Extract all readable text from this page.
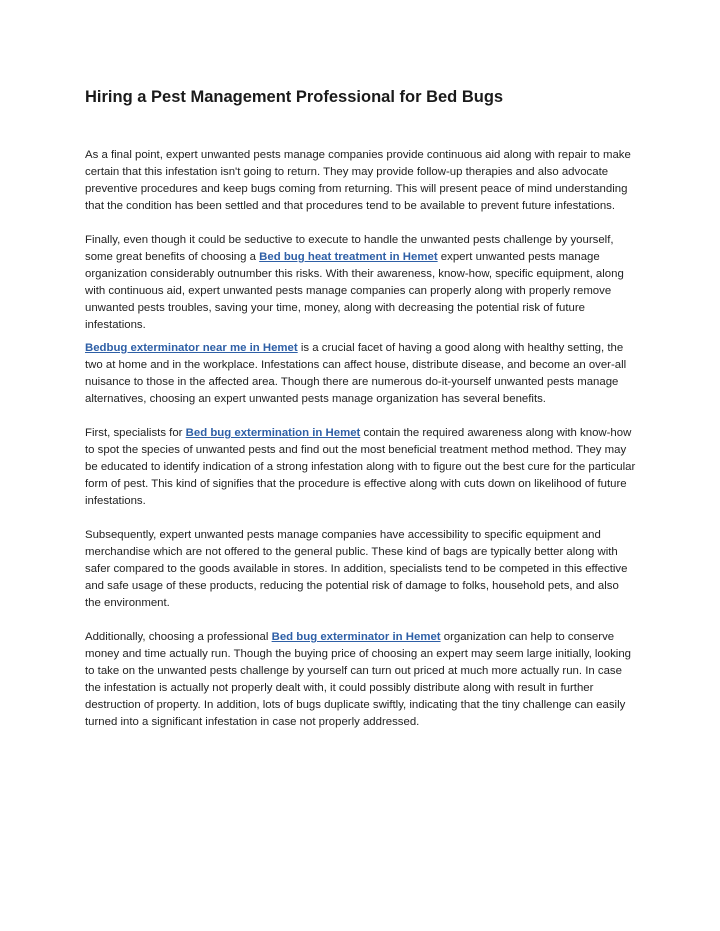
Hiring a Pest Management Professional for Bed Bugs

As a final point, expert unwanted pests manage companies provide continuous aid along with repair to make certain that this infestation isn't going to return. They may provide follow-up therapies and also advocate preventive procedures and keep bugs coming from returning. This will present peace of mind understanding that the condition has been settled and that procedures tend to be available to prevent future infestations.

Finally, even though it could be seductive to execute to handle the unwanted pests challenge by yourself, some great benefits of choosing a Bed bug heat treatment in Hemet expert unwanted pests manage organization considerably outnumber this risks. With their awareness, know-how, specific equipment, along with continuous aid, expert unwanted pests manage companies can properly along with properly remove unwanted pests troubles, saving your time, money, along with decreasing the potential risk of future infestations.

Bedbug exterminator near me in Hemet is a crucial facet of having a good along with healthy setting, the two at home and in the workplace. Infestations can affect house, distribute disease, and become an over-all nuisance to those in the affected area. Though there are numerous do-it-yourself unwanted pests manage alternatives, choosing an expert unwanted pests manage organization has several benefits.

First, specialists for Bed bug extermination in Hemet contain the required awareness along with know-how to spot the species of unwanted pests and find out the most beneficial treatment method method. They may be educated to identify indication of a strong infestation along with to figure out the best cure for the particular form of pest. This kind of signifies that the procedure is effective along with cuts down on likelihood of future infestations.

Subsequently, expert unwanted pests manage companies have accessibility to specific equipment and merchandise which are not offered to the general public. These kind of bags are typically better along with safer compared to the goods available in stores. In addition, specialists tend to be competed in this effective and safe usage of these products, reducing the potential risk of damage to folks, household pets, and also the environment.

Additionally, choosing a professional Bed bug exterminator in Hemet organization can help to conserve money and time actually run. Though the buying price of choosing an expert may seem large initially, looking to take on the unwanted pests challenge by yourself can turn out priced at much more actually run. In case the infestation is actually not properly dealt with, it could possibly distribute along with result in further destruction of property. In addition, lots of bugs duplicate swiftly, indicating that the tiny challenge can easily turned into a significant infestation in case not properly addressed.
